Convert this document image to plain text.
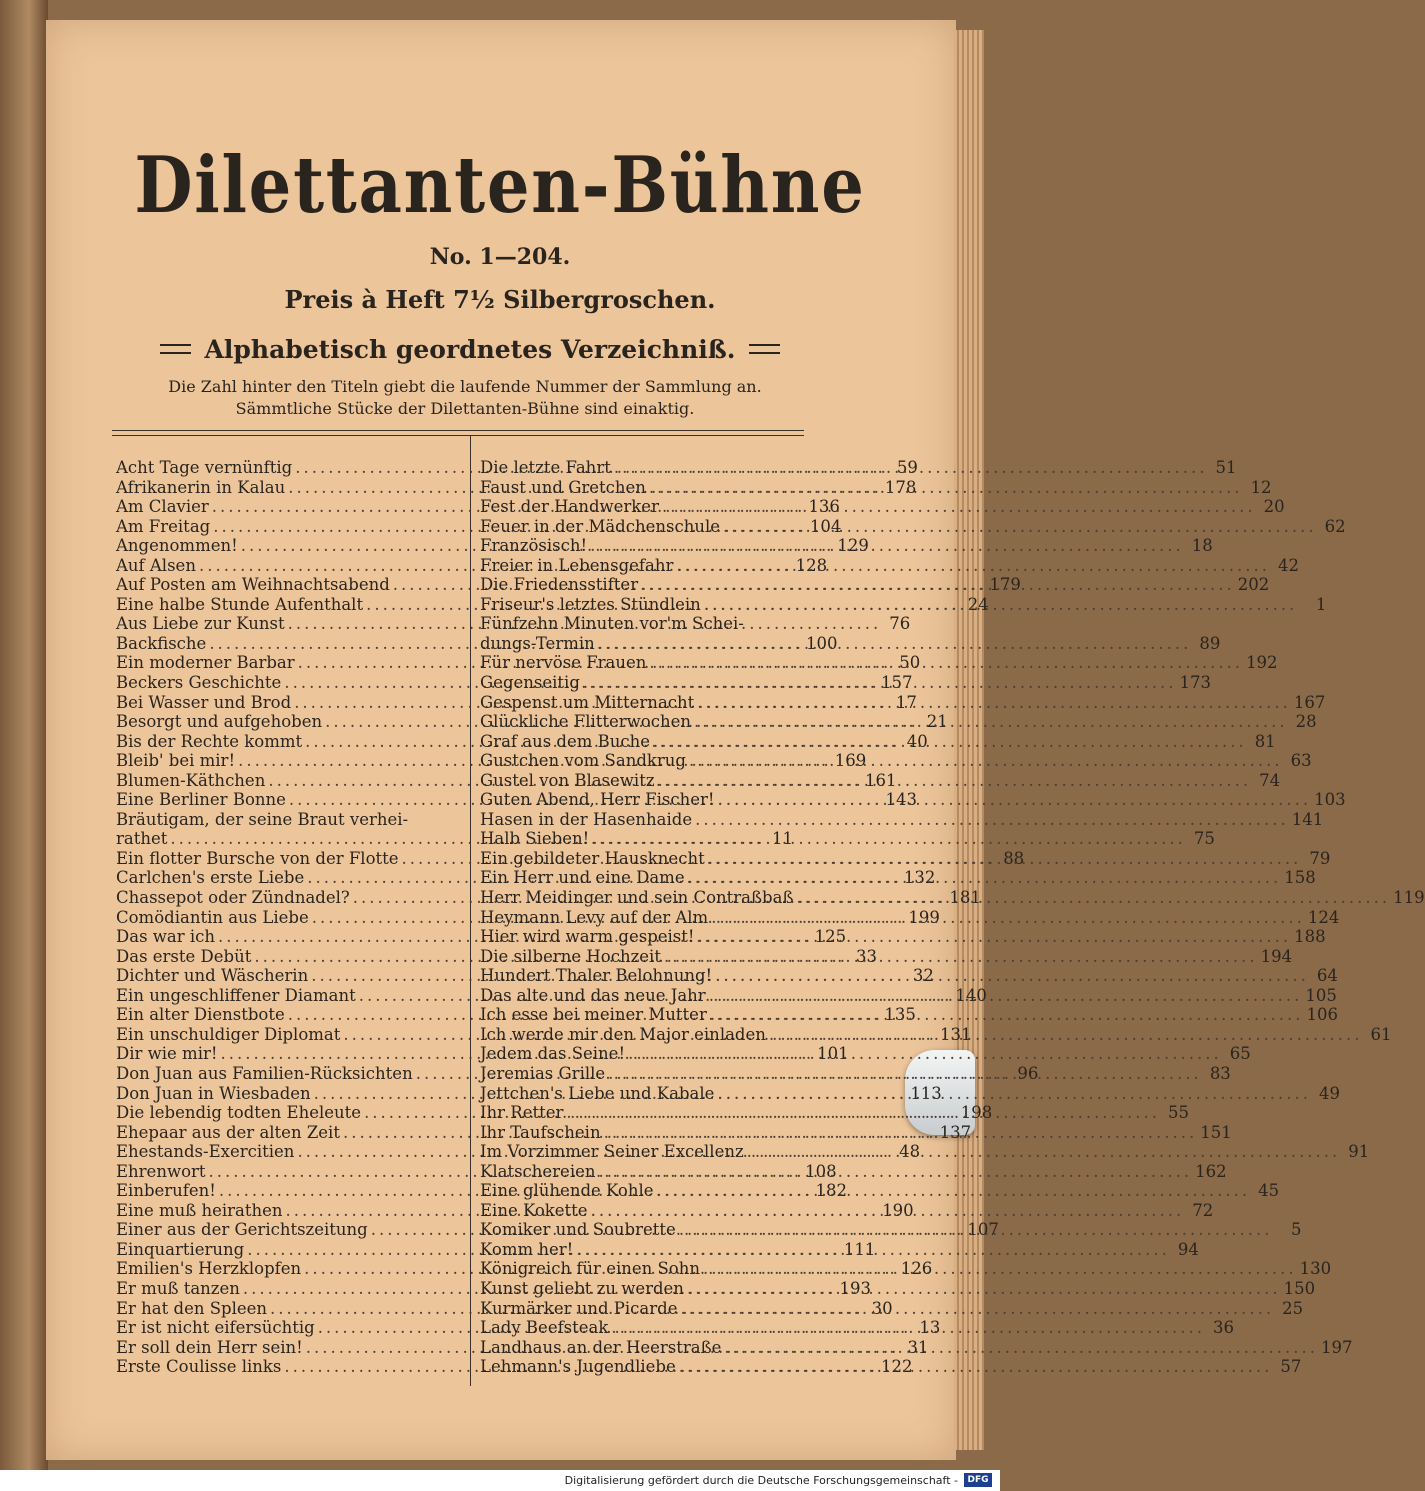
Dilettanten-Bühne
No. 1—204.
Preis à Heft 7½ Silbergroschen.
Alphabetisch geordnetes Verzeichniß.
Die Zahl hinter den Titeln giebt die laufende Nummer der Sammlung an.
Sämmtliche Stücke der Dilettanten-Bühne sind einaktig.
Acht Tage vernünftig .....	59
Afrikanerin in Kalau .....	178
Am Clavier .....	136
Am Freitag .....	104
Angenommen! .....	129
Auf Alsen .....	128
Auf Posten am Weihnachtsabend .....	179
Eine halbe Stunde Aufenthalt .....	24
Aus Liebe zur Kunst .....	76
Backfische .....	100
Ein moderner Barbar .....	50
Beckers Geschichte .....	157
Bei Wasser und Brod .....	17
Besorgt und aufgehoben .....	21
Bis der Rechte kommt .....	40
Bleib' bei mir! .....	169
Blumen-Käthchen .....	161
Eine Berliner Bonne .....	143
Bräutigam, der seine Braut verhei-
rathet .....	11
Ein flotter Bursche von der Flotte .....	88
Carlchen's erste Liebe .....	132
Chassepot oder Zündnadel? .....	181
Comödiantin aus Liebe .....	199
Das war ich .....	125
Das erste Debüt .....	33
Dichter und Wäscherin .....	32
Ein ungeschliffener Diamant .....	140
Ein alter Dienstbote .....	135
Ein unschuldiger Diplomat .....	131
Dir wie mir! .....	101
Don Juan aus Familien-Rücksichten .....	96
Don Juan in Wiesbaden .....	113
Die lebendig todten Eheleute .....	198
Ehepaar aus der alten Zeit .....	137
Ehestands-Exercitien .....	48
Ehrenwort .....	108
Einberufen! .....	182
Eine muß heirathen .....	190
Einer aus der Gerichtszeitung .....	107
Einquartierung .....	111
Emilien's Herzklopfen .....	126
Er muß tanzen .....	193
Er hat den Spleen .....	30
Er ist nicht eifersüchtig .....	13
Er soll dein Herr sein! .....	31
Erste Coulisse links .....	122
Die letzte Fahrt .....	51
Faust und Gretchen .....	12
Fest der Handwerker .....	20
Feuer in der Mädchenschule .....	62
Französisch! .....	18
Freier in Lebensgefahr .....	42
Die Friedensstifter .....	202
Friseur's letztes Stündlein .....	1
Fünfzehn Minuten vor'm Schei-
dungs-Termin .....	89
Für nervöse Frauen .....	192
Gegenseitig .....	173
Gespenst um Mitternacht .....	167
Glückliche Flitterwochen .....	28
Graf aus dem Buche .....	81
Gustchen vom Sandkrug .....	63
Gustel von Blasewitz .....	74
Guten Abend, Herr Fischer! .....	103
Hasen in der Hasenhaide .....	141
Halb Sieben! .....	75
Ein gebildeter Hausknecht .....	79
Ein Herr und eine Dame .....	158
Herr Meidinger und sein Contraßbaß .....	119
Heymann Levy auf der Alm .....	124
Hier wird warm gespeist! .....	188
Die silberne Hochzeit .....	194
Hundert Thaler Belohnung! .....	64
Das alte und das neue Jahr .....	105
Ich esse bei meiner Mutter .....	106
Ich werde mir den Major einladen .....	61
Jedem das Seine! .....	65
Jeremias Grille .....	83
Jettchen's Liebe und Kabale .....	49
Ihr Retter .....	55
Ihr Taufschein .....	151
Im Vorzimmer Seiner Excellenz .....	91
Klatschereien .....	162
Eine glühende Kohle .....	45
Eine Kokette .....	72
Komiker und Soubrette .....	5
Komm her! .....	94
Königreich für einen Sohn .....	130
Kunst geliebt zu werden .....	150
Kurmärker und Picarde .....	25
Lady Beefsteak .....	36
Landhaus an der Heerstraße .....	197
Lehmann's Jugendliebe .....	57
Digitalisierung gefördert durch die Deutsche Forschungsgemeinschaft -	DFG
